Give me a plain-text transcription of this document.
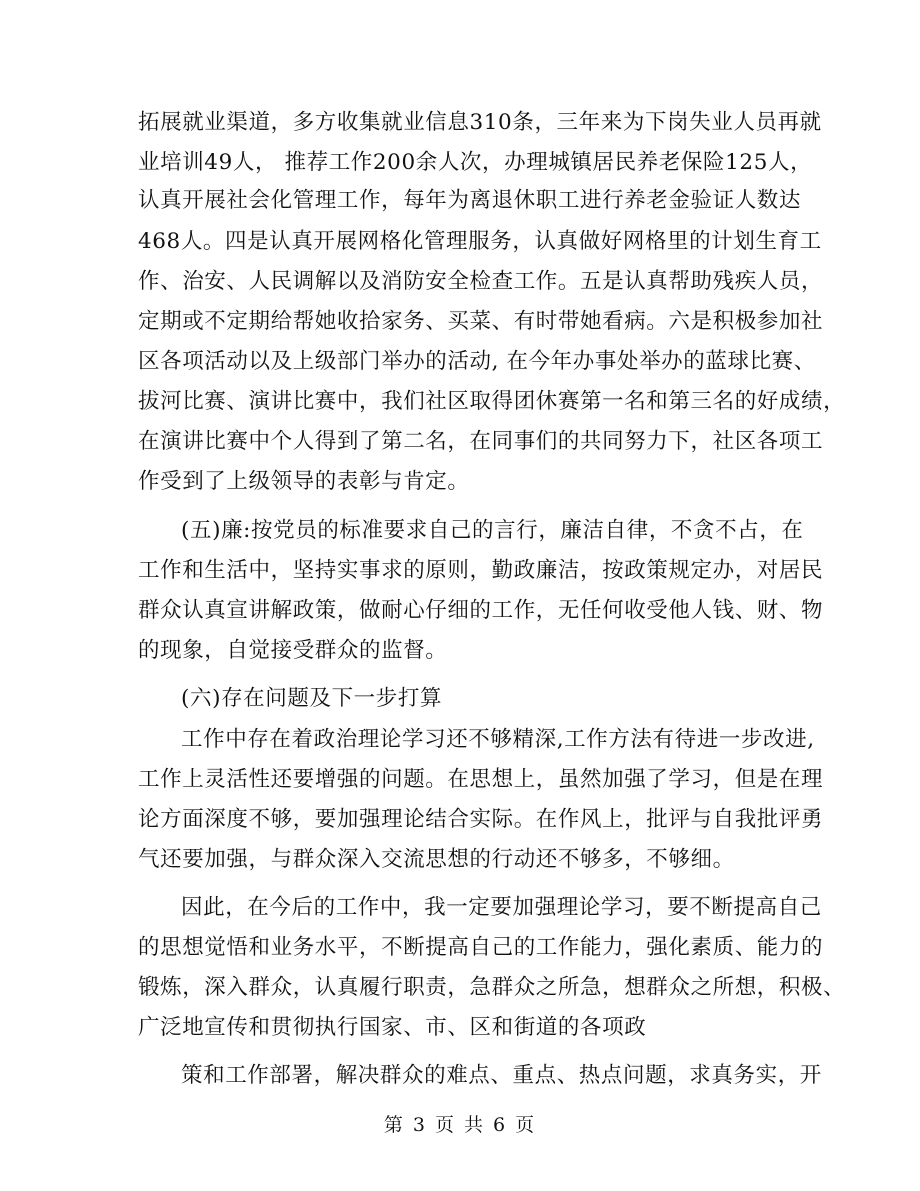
拓展就业渠道，多方收集就业信息310条，三年来为下岗失业人员再就
业培训49人， 推荐工作200余人次，办理城镇居民养老保险125人，
认真开展社会化管理工作，每年为离退休职工进行养老金验证人数达
468人。四是认真开展网格化管理服务，认真做好网格里的计划生育工
作、治安、人民调解以及消防安全检查工作。五是认真帮助残疾人员，
定期或不定期给帮她收拾家务、买菜、有时带她看病。六是积极参加社
区各项活动以及上级部门举办的活动, 在今年办事处举办的蓝球比赛、
拔河比赛、演讲比赛中，我们社区取得团休赛第一名和第三名的好成绩，
在演讲比赛中个人得到了第二名，在同事们的共同努力下，社区各项工
作受到了上级领导的表彰与肯定。
(五)廉:按党员的标准要求自己的言行，廉洁自律，不贪不占，在
工作和生活中，坚持实事求的原则，勤政廉洁，按政策规定办，对居民
群众认真宣讲解政策，做耐心仔细的工作，无任何收受他人钱、财、物
的现象，自觉接受群众的监督。
(六)存在问题及下一步打算
工作中存在着政治理论学习还不够精深,工作方法有待进一步改进,
工作上灵活性还要增强的问题。在思想上，虽然加强了学习，但是在理
论方面深度不够，要加强理论结合实际。在作风上，批评与自我批评勇
气还要加强，与群众深入交流思想的行动还不够多，不够细。
因此，在今后的工作中，我一定要加强理论学习，要不断提高自己
的思想觉悟和业务水平，不断提高自己的工作能力，强化素质、能力的
锻炼，深入群众，认真履行职责，急群众之所急，想群众之所想，积极、
广泛地宣传和贯彻执行国家、市、区和街道的各项政
策和工作部署，解决群众的难点、重点、热点问题，求真务实，开
第 3 页 共 6 页
